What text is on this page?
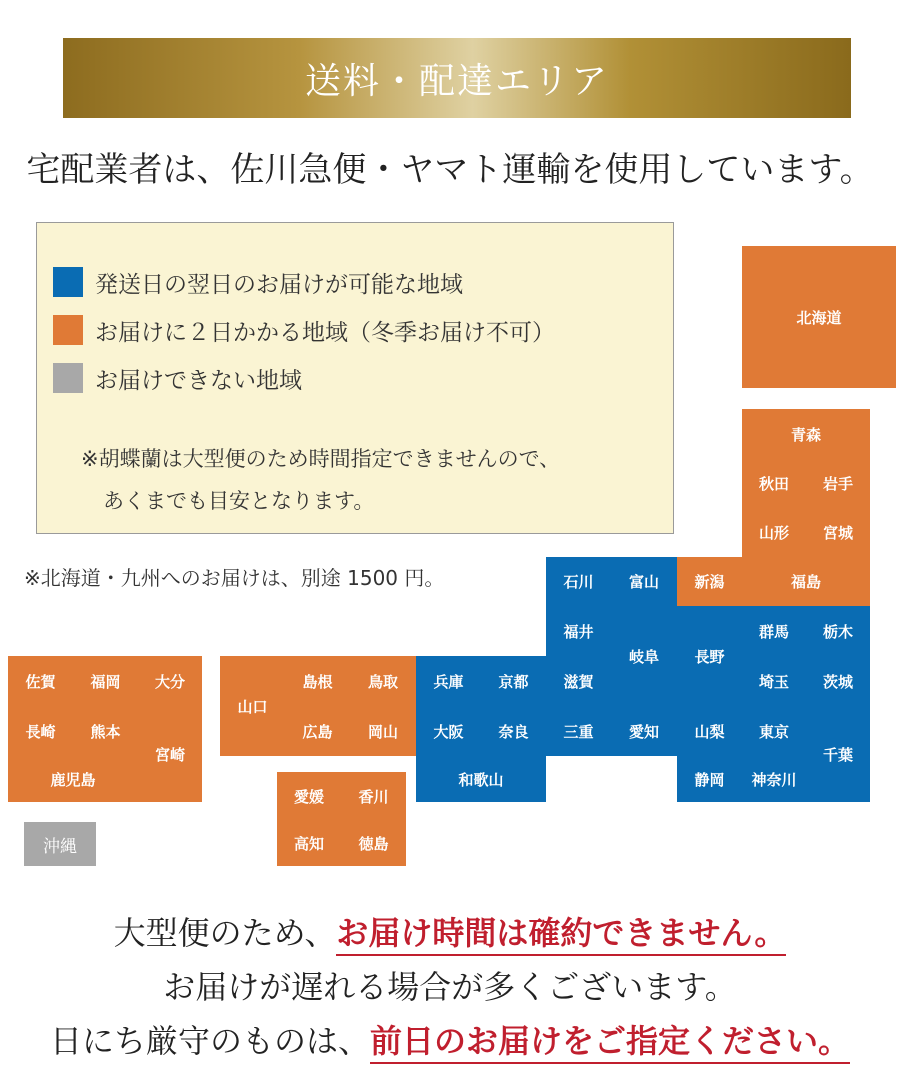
送料・配達エリア
宅配業者は、佐川急便・ヤマト運輸を使用しています。
発送日の翌日のお届けが可能な地域
お届けに２日かかる地域（冬季お届け不可）
お届けできない地域
※胡蝶蘭は大型便のため時間指定できませんので、
あくまでも目安となります。
※北海道・九州へのお届けは、別途 1500 円。
北海道
青森
秋田	岩手
山形	宮城
石川	富山	新潟	福島
福井
岐阜	長野
群馬	栃木
滋賀	埼玉	茨城
兵庫	京都
大阪	奈良	三重	愛知	山梨	東京
千葉
和歌山	静岡	神奈川
山口
島根	鳥取
広島	岡山
愛媛	香川
高知	徳島
佐賀	福岡	大分
長崎	熊本
宮崎
鹿児島
沖縄
大型便のため、お届け時間は確約できません。
お届けが遅れる場合が多くございます。
日にち厳守のものは、前日のお届けをご指定ください。
